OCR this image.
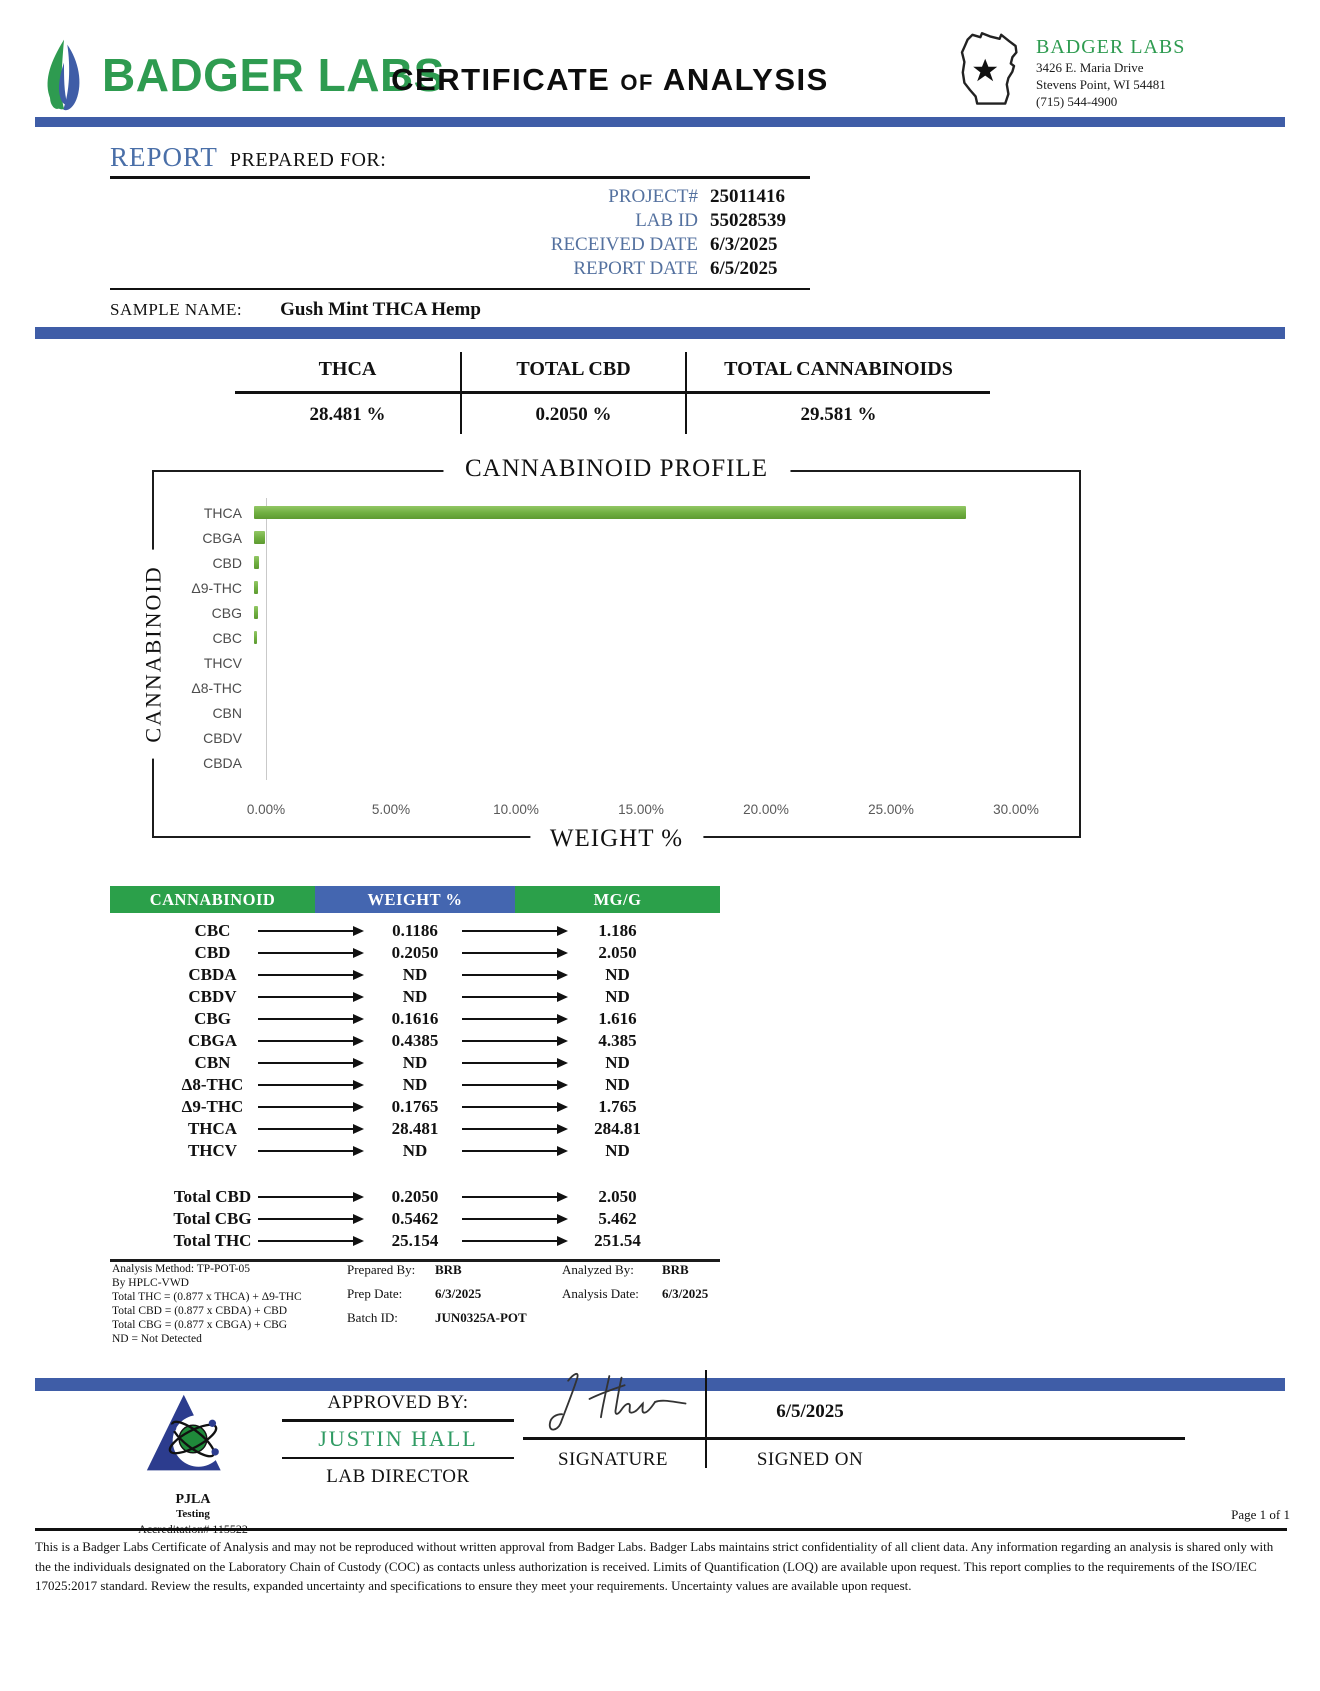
BADGER LABS
CERTIFICATE of ANALYSIS
BADGER LABS
3426 E. Maria Drive
Stevens Point, WI 54481
(715) 544-4900
REPORT PREPARED FOR:
PROJECT# 25011416
LAB ID 55028539
RECEIVED DATE 6/3/2025
REPORT DATE 6/5/2025
SAMPLE NAME: Gush Mint THCA Hemp
THCA	TOTAL CBD	TOTAL CANNABINOIDS
28.481 %	0.2050 %	29.581 %
CANNABINOID PROFILE
CANNABINOID
THCA
CBGA
CBD
Δ9-THC
CBG
CBC
THCV
Δ8-THC
CBN
CBDV
CBDA
0.00%	5.00%	10.00%	15.00%	20.00%	25.00%	30.00%
WEIGHT %
CANNABINOID	WEIGHT %	MG/G
CBC	0.1186	1.186
CBD	0.2050	2.050
CBDA	ND	ND
CBDV	ND	ND
CBG	0.1616	1.616
CBGA	0.4385	4.385
CBN	ND	ND
Δ8-THC	ND	ND
Δ9-THC	0.1765	1.765
THCA	28.481	284.81
THCV	ND	ND
Total CBD	0.2050	2.050
Total CBG	0.5462	5.462
Total THC	25.154	251.54
Analysis Method: TP-POT-05
By HPLC-VWD
Total THC = (0.877 x THCA) + Δ9-THC
Total CBD = (0.877 x CBDA) + CBD
Total CBG = (0.877 x CBGA) + CBG
ND = Not Detected
Prepared By:	BRB
Prep Date:	6/3/2025
Batch ID:	JUN0325A-POT
Analyzed By:	BRB
Analysis Date:	6/3/2025
PJLA
Testing
APPROVED BY:
JUSTIN HALL
LAB DIRECTOR
SIGNATURE
6/5/2025
SIGNED ON
Page 1 of 1
This is a Badger Labs Certificate of Analysis and may not be reproduced without written approval from Badger Labs. Badger Labs maintains strict confidentiality of all client data. Any information regarding an analysis is shared only with the the individuals designated on the Laboratory Chain of Custody (COC) as contacts unless authorization is received. Limits of Quantification (LOQ) are available upon request. This report complies to the requirements of the ISO/IEC 17025:2017 standard. Review the results, expanded uncertainty and specifications to ensure they meet your requirements. Uncertainty values are available upon request.
